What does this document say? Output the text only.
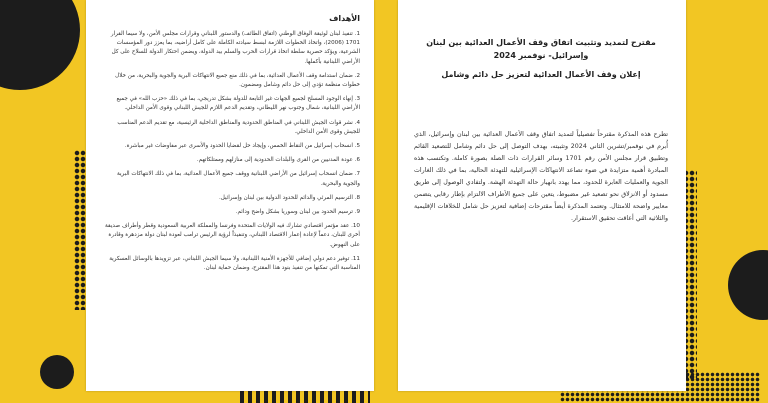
الأهداف

1. تنفيذ لبنان لوثيقة الوفاق الوطني (اتفاق الطائف) والدستور اللبناني وقرارات مجلس الأمن، ولا سيما القرار 1701 (2006)، واتخاذ الخطوات اللازمة لبسط سيادته الكاملة على كامل أراضيه، بما يعزز دور المؤسسات الشرعية، ويؤكد حصرية سلطة اتخاذ قرارات الحرب والسلم بيد الدولة، ويضمن احتكار الدولة للسلاح على كل الأراضي اللبنانية بأكملها.

2. ضمان استدامة وقف الأعمال العدائية، بما في ذلك منع جميع الانتهاكات البرية والجوية والبحرية، من خلال خطوات منظمة تؤدي إلى حل دائم وشامل ومضمون.

3. إنهاء الوجود المسلح لجميع الجهات غير التابعة للدولة بشكل تدريجي، بما في ذلك «حزب الله» في جميع الأراضي اللبنانية، شمال وجنوب نهر الليطاني، وتقديم الدعم اللازم للجيش اللبناني وقوى الأمن الداخلي.

4. نشر قوات الجيش اللبناني في المناطق الحدودية والمناطق الداخلية الرئيسية، مع تقديم الدعم المناسب للجيش وقوى الأمن الداخلي.

5. انسحاب إسرائيل من النقاط الخمس، وإيجاد حل لقضايا الحدود والأسرى عبر مفاوضات غير مباشرة.

6. عودة المدنيين من القرى والبلدات الحدودية إلى منازلهم وممتلكاتهم.

7. ضمان انسحاب إسرائيل من الأراضي اللبنانية ووقف جميع الأعمال العدائية، بما في ذلك الانتهاكات البرية والجوية والبحرية.

8. الترسيم المرئي والدائم للحدود الدولية بين لبنان وإسرائيل.

9. ترسيم الحدود بين لبنان وسوريا بشكل واضح ودائم.

10. عقد مؤتمر اقتصادي تشارك فيه الولايات المتحدة وفرنسا والمملكة العربية السعودية وقطر وأطراف صديقة أخرى للبنان، دعماً لإعادة إعمار الاقتصاد اللبناني، وتنفيذاً لرؤية الرئيس ترامب لعودة لبنان دولة مزدهرة وقادرة على النهوض.

11. توفير دعم دولي إضافي للأجهزة الأمنية اللبنانية، ولا سيما الجيش اللبناني، عبر تزويدها بالوسائل العسكرية المناسبة التي تمكنها من تنفيذ بنود هذا المقترح، وضمان حماية لبنان.

مقترح لتمديد وتثبيت اتفاق وقف الأعمال العدائية بين لبنان وإسرائيل- نوفمبر 2024

إعلان وقف الأعمال العدائية لتعزيز حل دائم وشامل

تطرح هذه المذكرة مقترحاً تفصيلياً لتمديد اتفاق وقف الأعمال العدائية بين لبنان وإسرائيل، الذي أُبرم في نوفمبر/تشرين الثاني 2024 وتثبيته، بهدف التوصل إلى حل دائم وشامل للتصعيد القائم وتطبيق قرار مجلس الأمن رقم 1701 وسائر القرارات ذات الصلة بصورة كاملة. وتكتسب هذه المبادرة أهمية متزايدة في ضوء تصاعد الانتهاكات الإسرائيلية للتهدئة الحالية، بما في ذلك الغارات الجوية والعمليات العابرة للحدود، مما يهدد بانهيار حالة التهدئة الهشة. ولتفادي الوصول إلى طريق مسدود أو الانزلاق نحو تصعيد غير مضبوط، يتعين على جميع الأطراف الالتزام بإطار رقابي يتضمن معايير واضحة للامتثال. وتعتمد المذكرة أيضاً مقترحات إضافية لتعزيز حل شامل للخلافات الإقليمية والثلاثية التي أعاقت تحقيق الاستقرار.
